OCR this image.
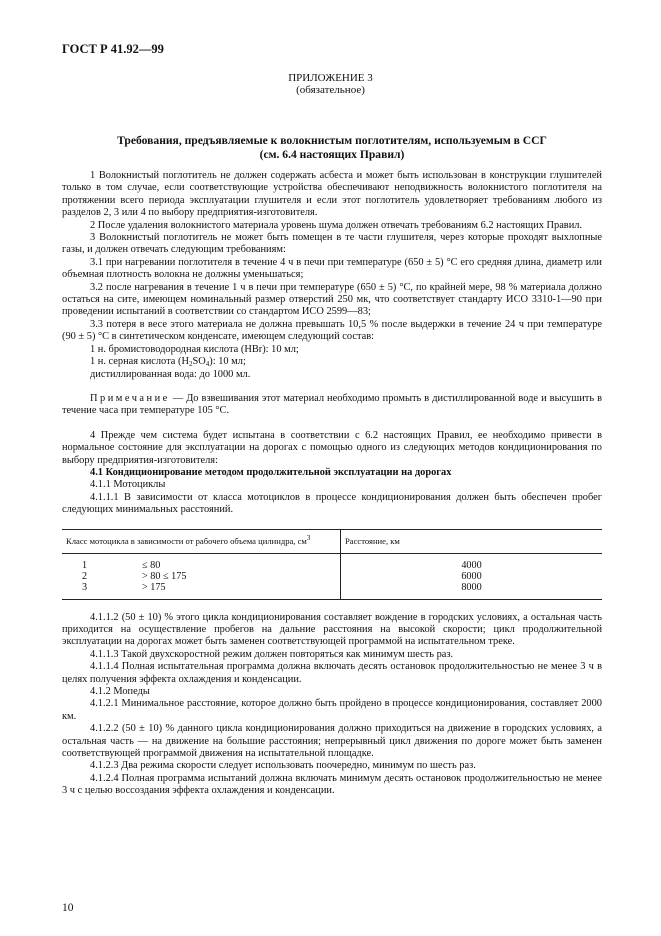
ГОСТ Р 41.92—99
ПРИЛОЖЕНИЕ 3
(обязательное)
Требования, предъявляемые к волокнистым поглотителям, используемым в ССГ
(см. 6.4 настоящих Правил)

1 Волокнистый поглотитель не должен содержать асбеста и может быть использован в конструкции глушителей только в том случае, если соответствующие устройства обеспечивают неподвижность волокнистого поглотителя на протяжении всего периода эксплуатации глушителя и если этот поглотитель удовлетворяет требованиям любого из разделов 2, 3 или 4 по выбору предприятия-изготовителя.

2 После удаления волокнистого материала уровень шума должен отвечать требованиям 6.2 настоящих Правил.

3 Волокнистый поглотитель не может быть помещен в те части глушителя, через которые проходят выхлопные газы, и должен отвечать следующим требованиям:

3.1 при нагревании поглотителя в течение 4 ч в печи при температуре (650 ± 5) °С его средняя длина, диаметр или объемная плотность волокна не должны уменьшаться;

3.2 после нагревания в течение 1 ч в печи при температуре (650 ± 5) °С, по крайней мере, 98 % материала должно остаться на сите, имеющем номинальный размер отверстий 250 мк, что соответствует стандарту ИСО 3310-1—90 при проведении испытаний в соответствии со стандартом ИСО 2599—83;

3.3 потеря в весе этого материала не должна превышать 10,5 % после выдержки в течение 24 ч при температуре (90 ± 5) °С в синтетическом конденсате, имеющем следующий состав:

1 н. бромистоводородная кислота (HBr): 10 мл;

1 н. серная кислота $(H_2SO_4)$: 10 мл;

дистиллированная вода: до 1000 мл.

Примечание — До взвешивания этот материал необходимо промыть в дистиллированной воде и высушить в течение часа при температуре 105 °С.

4 Прежде чем система будет испытана в соответствии с 6.2 настоящих Правил, ее необходимо привести в нормальное состояние для эксплуатации на дорогах с помощью одного из следующих методов кондиционирования по выбору предприятия-изготовителя:

4.1 Кондиционирование методом продолжительной эксплуатации на дорогах

4.1.1 Мотоциклы

4.1.1.1 В зависимости от класса мотоциклов в процессе кондиционирования должен быть обеспечен пробег следующих минимальных расстояний.

Класс мотоцикла в зависимости от рабочего объема цилиндра, $см^3$	Расстояние, км

1 ≤ 80	4000
2 > 80 ≤ 175	6000
3 > 175	8000

4.1.1.2 (50 ± 10) % этого цикла кондиционирования составляет вождение в городских условиях, а остальная часть приходится на осуществление пробегов на дальние расстояния на высокой скорости; цикл продолжительной эксплуатации на дорогах может быть заменен соответствующей программой на испытательном треке.

4.1.1.3 Такой двухскоростной режим должен повторяться как минимум шесть раз.

4.1.1.4 Полная испытательная программа должна включать десять остановок продолжительностью не менее 3 ч в целях получения эффекта охлаждения и конденсации.

4.1.2 Мопеды

4.1.2.1 Минимальное расстояние, которое должно быть пройдено в процессе кондиционирования, составляет 2000 км.

4.1.2.2 (50 ± 10) % данного цикла кондиционирования должно приходиться на движение в городских условиях, а остальная часть — на движение на большие расстояния; непрерывный цикл движения по дороге может быть заменен соответствующей программой движения на испытательной площадке.

4.1.2.3 Два режима скорости следует использовать поочередно, минимум по шесть раз.

4.1.2.4 Полная программа испытаний должна включать минимум десять остановок продолжительностью не менее 3 ч с целью воссоздания эффекта охлаждения и конденсации.

10
